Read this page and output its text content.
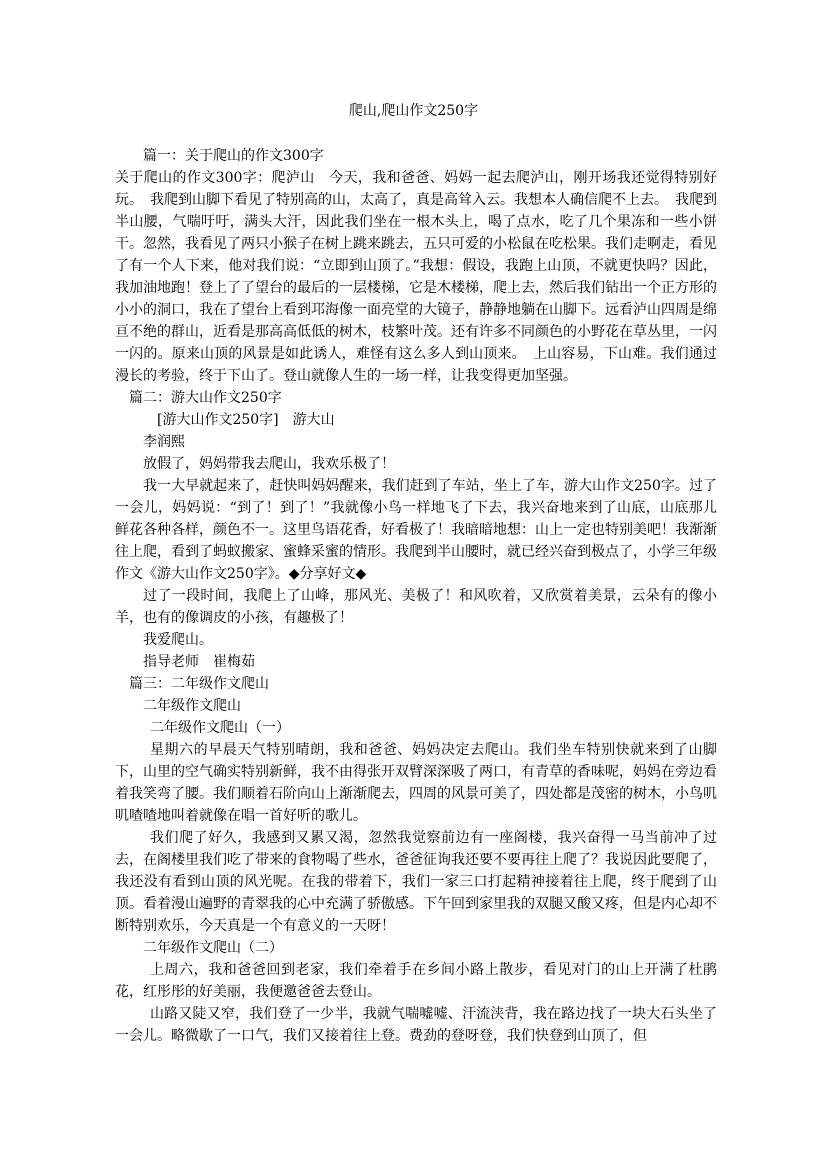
爬山,爬山作文250字

篇一：关于爬山的作文300字

关于爬山的作文300字：爬泸山　今天，我和爸爸、妈妈一起去爬泸山，刚开场我还觉得特别好玩。　我爬到山脚下看见了特别高的山，太高了，真是高耸入云。我想本人确信爬不上去。　我爬到半山腰，气喘吁吁，满头大汗，因此我们坐在一根木头上，喝了点水，吃了几个果冻和一些小饼干。忽然，我看见了两只小猴子在树上跳来跳去，五只可爱的小松鼠在吃松果。我们走啊走，看见了有一个人下来，他对我们说：“立即到山顶了。”我想：假设，我跑上山顶，不就更快吗？因此，我加油地跑！登上了了望台的最后的一层楼梯，它是木楼梯，爬上去，然后我们钻出一个正方形的小小的洞口，我在了望台上看到邛海像一面亮堂的大镜子，静静地躺在山脚下。远看泸山四周是绵亘不绝的群山，近看是那高高低低的树木，枝繁叶茂。还有许多不同颜色的小野花在草丛里，一闪一闪的。原来山顶的风景是如此诱人，难怪有这么多人到山顶来。　上山容易，下山难。我们通过漫长的考验，终于下山了。登山就像人生的一场一样，让我变得更加坚强。

篇二：游大山作文250字

[游大山作文250字]　游大山

李润熙

放假了，妈妈带我去爬山，我欢乐极了！

我一大早就起来了，赶快叫妈妈醒来，我们赶到了车站，坐上了车，游大山作文250字。过了一会儿，妈妈说：“到了！到了！”我就像小鸟一样地飞了下去，我兴奋地来到了山底，山底那儿鲜花各种各样，颜色不一。这里鸟语花香，好看极了！我暗暗地想：山上一定也特别美吧！我渐渐往上爬，看到了蚂蚁搬家、蜜蜂采蜜的情形。我爬到半山腰时，就已经兴奋到极点了，小学三年级作文《游大山作文250字》。◆分享好文◆

过了一段时间，我爬上了山峰，那风光、美极了！和风吹着，又欣赏着美景，云朵有的像小羊，也有的像调皮的小孩，有趣极了！

我爱爬山。

指导老师　崔梅茹

篇三：二年级作文爬山

二年级作文爬山

二年级作文爬山（一）

星期六的早晨天气特别晴朗，我和爸爸、妈妈决定去爬山。我们坐车特别快就来到了山脚下，山里的空气确实特别新鲜，我不由得张开双臂深深吸了两口，有青草的香味呢，妈妈在旁边看着我笑弯了腰。我们顺着石阶向山上渐渐爬去，四周的风景可美了，四处都是茂密的树木，小鸟叽叽喳喳地叫着就像在唱一首好听的歌儿。

我们爬了好久，我感到又累又渴，忽然我觉察前边有一座阁楼，我兴奋得一马当前冲了过去，在阁楼里我们吃了带来的食物喝了些水，爸爸征询我还要不要再往上爬了？我说因此要爬了，我还没有看到山顶的风光呢。在我的带着下，我们一家三口打起精神接着往上爬，终于爬到了山顶。看着漫山遍野的青翠我的心中充满了骄傲感。下午回到家里我的双腿又酸又疼，但是内心却不断特别欢乐，今天真是一个有意义的一天呀！

二年级作文爬山（二）

上周六，我和爸爸回到老家，我们牵着手在乡间小路上散步，看见对门的山上开满了杜鹃花，红彤彤的好美丽，我便邀爸爸去登山。

山路又陡又窄，我们登了一少半，我就气喘嘘嘘、汗流浃背，我在路边找了一块大石头坐了一会儿。略微歇了一口气，我们又接着往上登。费劲的登呀登，我们快登到山顶了，但
